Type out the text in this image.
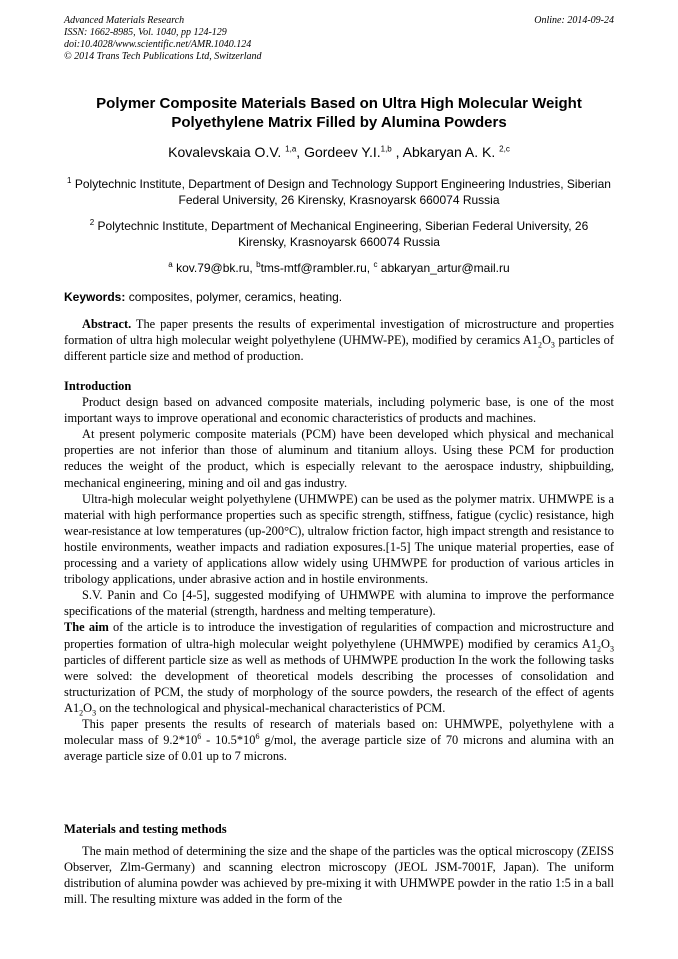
Advanced Materials Research
ISSN: 1662-8985, Vol. 1040, pp 124-129
doi:10.4028/www.scientific.net/AMR.1040.124
© 2014 Trans Tech Publications Ltd, Switzerland
Online: 2014-09-24
Polymer Composite Materials Based on Ultra High Molecular Weight
Polyethylene Matrix Filled by Alumina Powders
Kovalevskaia O.V. $^{1,a}$, Gordeev Y.I.$^{1,b}$ , Abkaryan A. K. $^{2,c}$
$^1$ Polytechnic Institute, Department of Design and Technology Support Engineering Industries, Siberian Federal University, 26 Kirensky, Krasnoyarsk 660074 Russia
$^2$ Polytechnic Institute, Department of Mechanical Engineering, Siberian Federal University, 26 Kirensky, Krasnoyarsk 660074 Russia
$^a$ kov.79@bk.ru, $^b$tms-mtf@rambler.ru, $^c$ abkaryan_artur@mail.ru
Keywords: composites, polymer, ceramics, heating.

Abstract. The paper presents the results of experimental investigation of microstructure and properties formation of ultra high molecular weight polyethylene (UHMW-PE), modified by ceramics $A1_2O_3$ particles of different particle size and method of production.

Introduction

Product design based on advanced composite materials, including polymeric base, is one of the most important ways to improve operational and economic characteristics of products and machines.

At present polymeric composite materials (PCM) have been developed which physical and mechanical properties are not inferior than those of aluminum and titanium alloys. Using these PCM for production reduces the weight of the product, which is especially relevant to the aerospace industry, shipbuilding, mechanical engineering, mining and oil and gas industry.

Ultra-high molecular weight polyethylene (UHMWPE) can be used as the polymer matrix. UHMWPE is a material with high performance properties such as specific strength, stiffness, fatigue (cyclic) resistance, high wear-resistance at low temperatures (up-200°C), ultralow friction factor, high impact strength and resistance to hostile environments, weather impacts and radiation exposures.[1-5] The unique material properties, ease of processing and a variety of applications allow widely using UHMWPE for production of various articles in tribology applications, under abrasive action and in hostile environments.

S.V. Panin and Co [4-5], suggested modifying of UHMWPE with alumina to improve the performance specifications of the material (strength, hardness and melting temperature).

The aim of the article is to introduce the investigation of regularities of compaction and microstructure and properties formation of ultra-high molecular weight polyethylene (UHMWPE) modified by ceramics $A1_2O_3$ particles of different particle size as well as methods of UHMWPE production In the work the following tasks were solved: the development of theoretical models describing the processes of consolidation and structurization of PCM, the study of morphology of the source powders, the research of the effect of agents $A1_2O_3$ on the technological and physical-mechanical characteristics of PCM.

This paper presents the results of research of materials based on: UHMWPE, polyethylene with a molecular mass of $9.2*10^6 - 10.5*10^6$ g/mol, the average particle size of 70 microns and alumina with an average particle size of 0.01 up to 7 microns.

Materials and testing methods

The main method of determining the size and the shape of the particles was the optical microscopy (ZEISS Observer, Zlm-Germany) and scanning electron microscopy (JEOL JSM-7001F, Japan). The uniform distribution of alumina powder was achieved by pre-mixing it with UHMWPE powder in the ratio 1:5 in a ball mill. The resulting mixture was added in the form of the
